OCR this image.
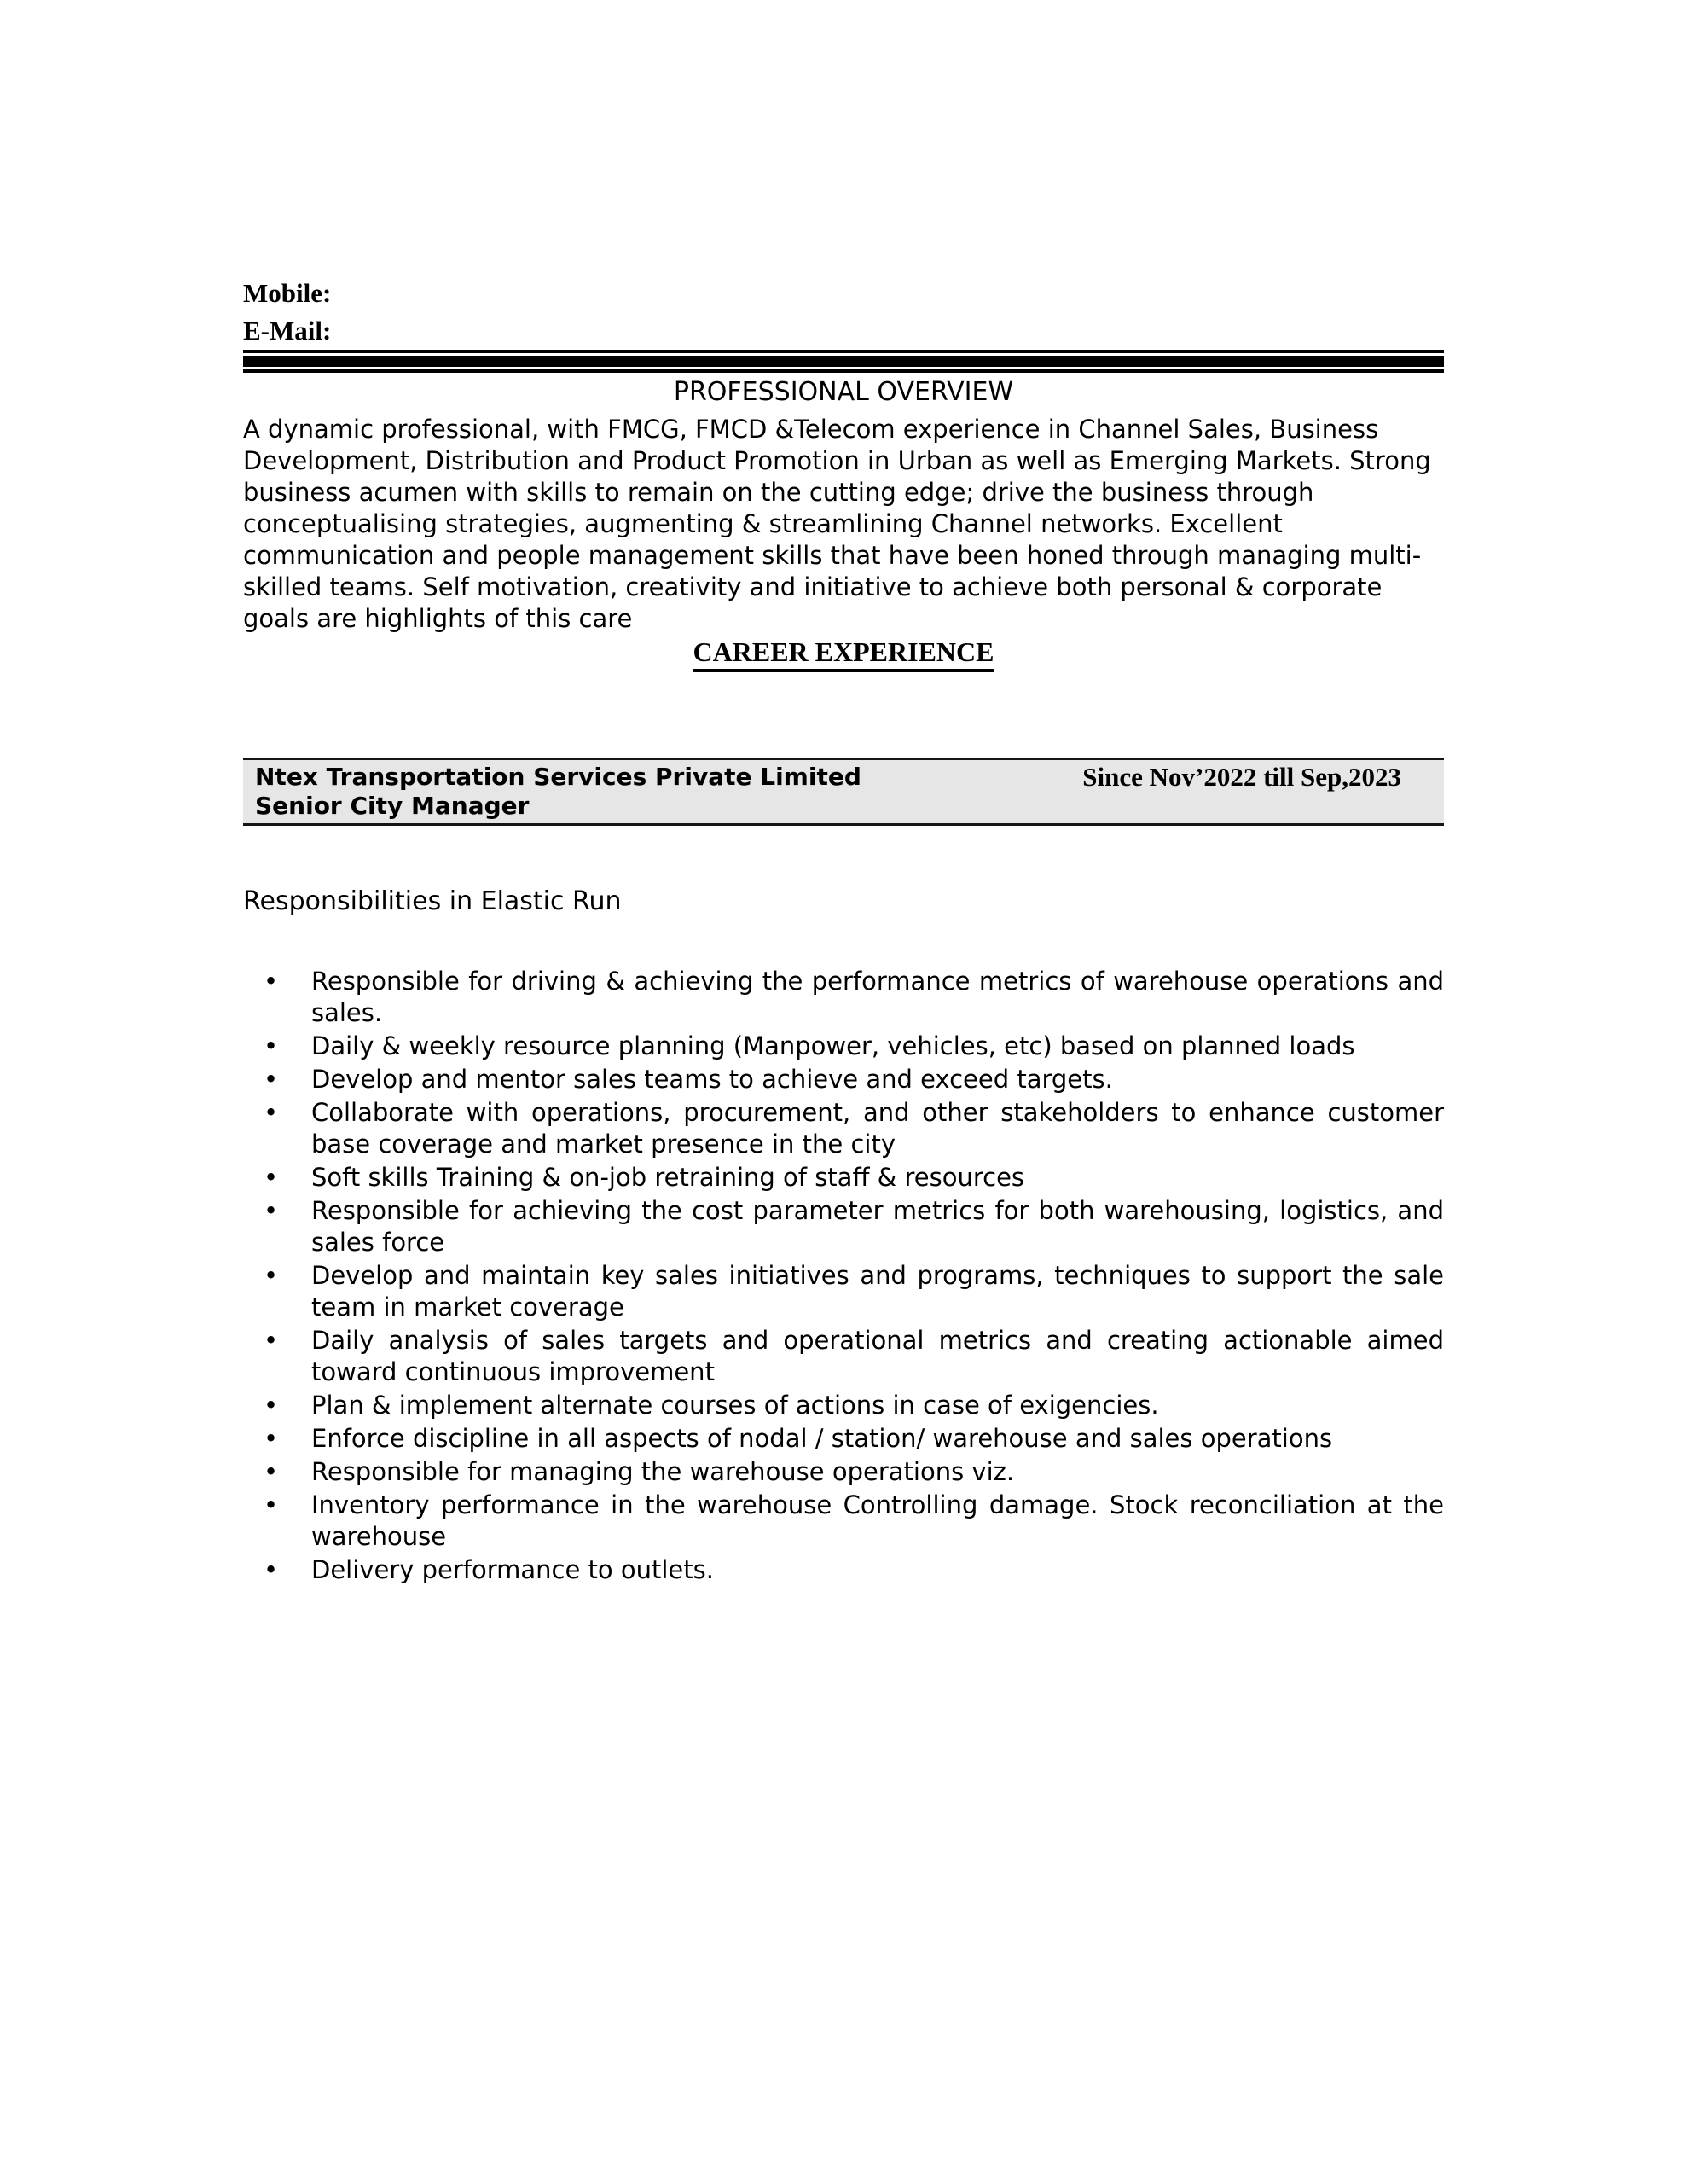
Mobile:
E-Mail:
PROFESSIONAL OVERVIEW
A dynamic professional, with FMCG, FMCD &Telecom experience in Channel Sales, Business Development, Distribution and Product Promotion in Urban as well as Emerging Markets. Strong business acumen with skills to remain on the cutting edge; drive the business through conceptualising strategies, augmenting & streamlining Channel networks. Excellent communication and people management skills that have been honed through managing multi-skilled teams. Self motivation, creativity and initiative to achieve both personal & corporate goals are highlights of this care
CAREER EXPERIENCE
Ntex Transportation Services Private Limited
Senior City Manager
Since Nov’2022 till Sep,2023
Responsibilities in Elastic Run
• Responsible for driving & achieving the performance metrics of warehouse operations and sales.
• Daily & weekly resource planning (Manpower, vehicles, etc) based on planned loads
• Develop and mentor sales teams to achieve and exceed targets.
• Collaborate with operations, procurement, and other stakeholders to enhance customer base coverage and market presence in the city
• Soft skills Training & on-job retraining of staff & resources
• Responsible for achieving the cost parameter metrics for both warehousing, logistics, and sales force
• Develop and maintain key sales initiatives and programs, techniques to support the sale team in market coverage
• Daily analysis of sales targets and operational metrics and creating actionable aimed toward continuous improvement
• Plan & implement alternate courses of actions in case of exigencies.
• Enforce discipline in all aspects of nodal / station/ warehouse and sales operations
• Responsible for managing the warehouse operations viz.
• Inventory performance in the warehouse Controlling damage. Stock reconciliation at the warehouse
• Delivery performance to outlets.
